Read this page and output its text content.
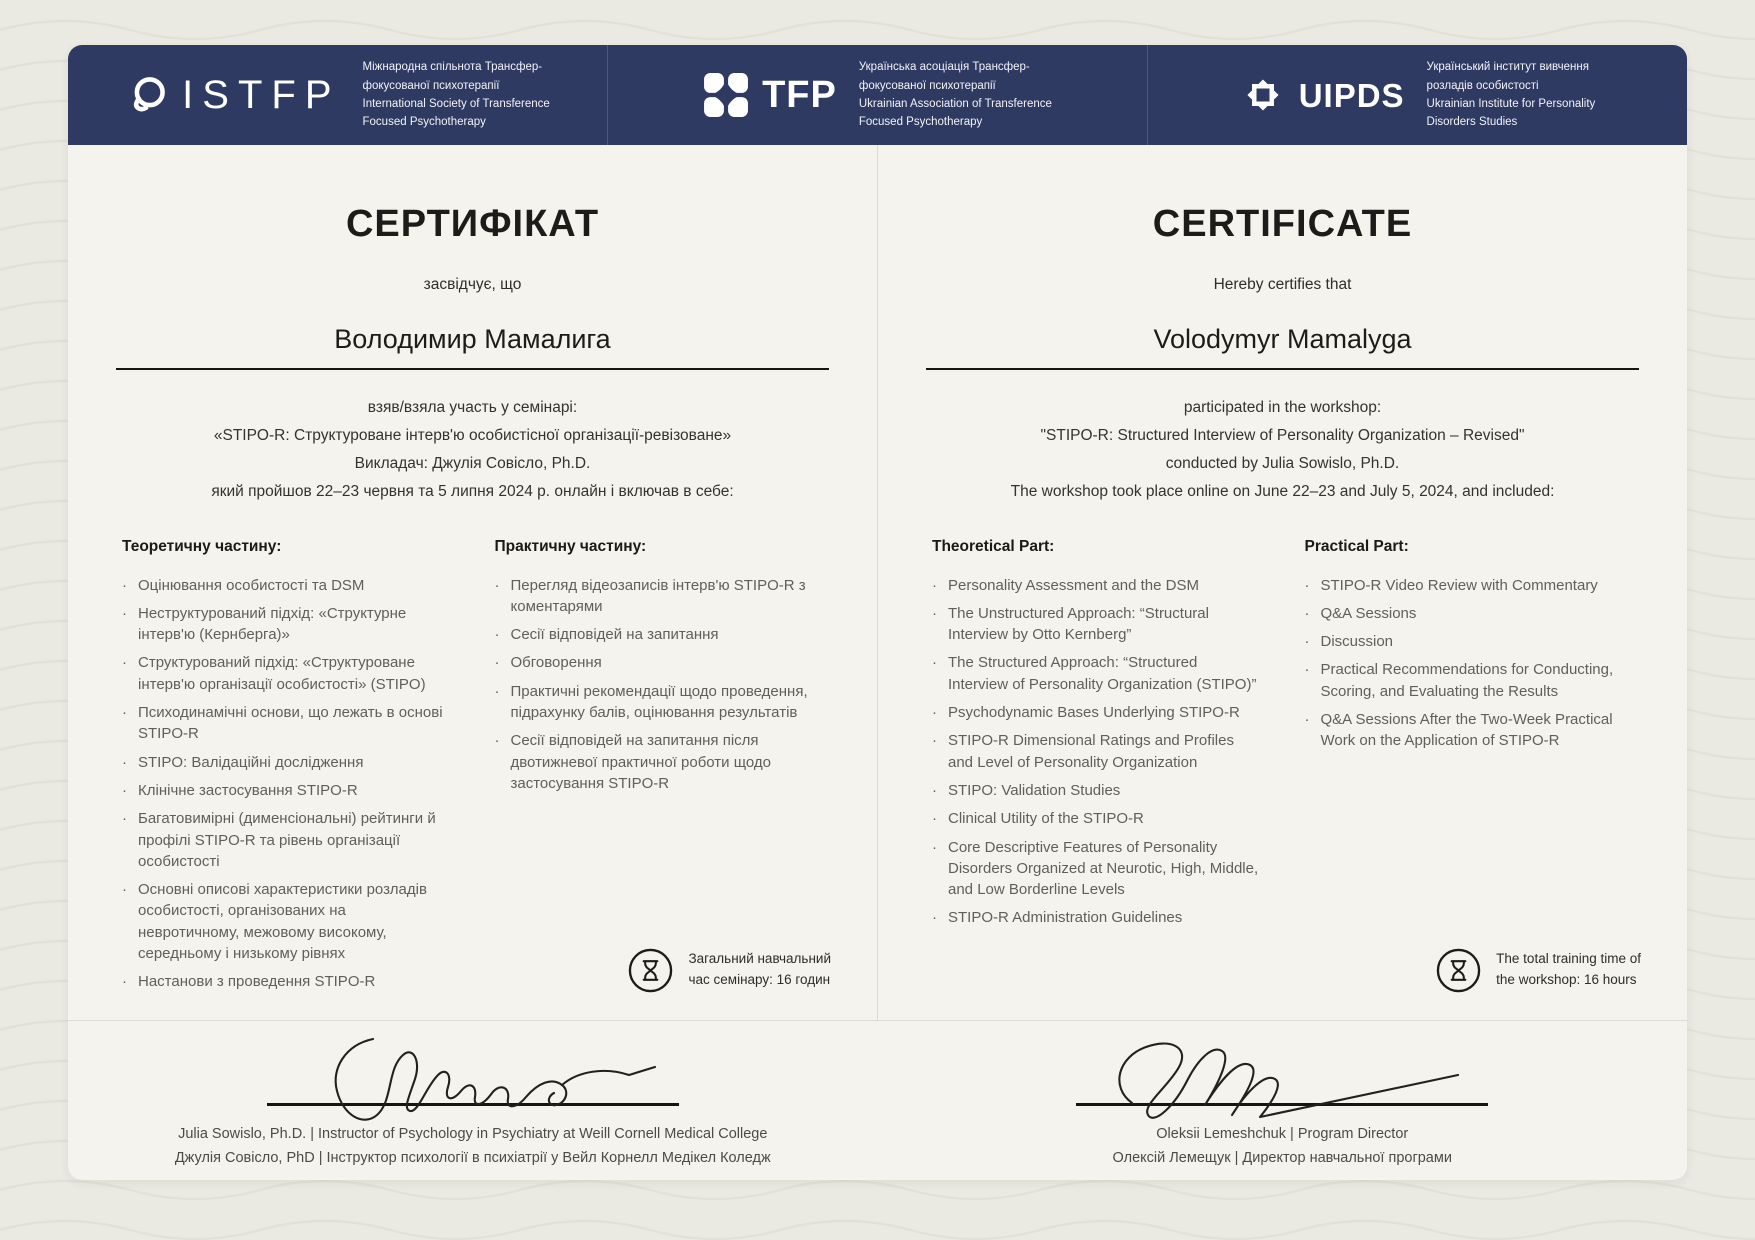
ISTFP
Міжнародна спільнота Трансфер-
фокусованої психотерапії
International Society of Transference
Focused Psychotherapy
TFP
Українська асоціація Трансфер-
фокусованої психотерапії
Ukrainian Association of Transference
Focused Psychotherapy
UIPDS
Український інститут вивчення
розладів особистості
Ukrainian Institute for Personality
Disorders Studies
СЕРТИФІКАТ
засвідчує, що
Володимир Мамалига
взяв/взяла участь у семінарі:
«STIPO-R: Структуроване інтерв'ю особистісної організації-ревізоване»
Викладач: Джулія Совісло, Ph.D.
який пройшов 22–23 червня та 5 липня 2024 р. онлайн і включав в себе:
Теоретичну частину:
· Оцінювання особистості та DSM
· Неструктурований підхід: «Структурне інтерв'ю (Кернберга)»
· Структурований підхід: «Структуроване інтерв'ю організації особистості» (STIPO)
· Психодинамічні основи, що лежать в основі STIPO-R
· STIPO: Валідаційні дослідження
· Клінічне застосування STIPO-R
· Багатовимірні (дименсіональні) рейтинги й профілі STIPO-R та рівень організації особистості
· Основні описові характеристики розладів особистості, організованих на невротичному, межовому високому, середньому і низькому рівнях
· Настанови з проведення STIPO-R
Практичну частину:
· Перегляд відеозаписів інтерв'ю STIPO-R з коментарями
· Сесії відповідей на запитання
· Обговорення
· Практичні рекомендації щодо проведення, підрахунку балів, оцінювання результатів
· Сесії відповідей на запитання після двотижневої практичної роботи щодо застосування STIPO-R
Загальний навчальний
час семінару: 16 годин
CERTIFICATE
Hereby certifies that
Volodymyr Mamalyga
participated in the workshop:
"STIPO-R: Structured Interview of Personality Organization – Revised"
conducted by Julia Sowislo, Ph.D.
The workshop took place online on June 22–23 and July 5, 2024, and included:
Theoretical Part:
· Personality Assessment and the DSM
· The Unstructured Approach: “Structural Interview by Otto Kernberg”
· The Structured Approach: “Structured Interview of Personality Organization (STIPO)”
· Psychodynamic Bases Underlying STIPO-R
· STIPO-R Dimensional Ratings and Profiles and Level of Personality Organization
· STIPO: Validation Studies
· Clinical Utility of the STIPO-R
· Core Descriptive Features of Personality Disorders Organized at Neurotic, High, Middle, and Low Borderline Levels
· STIPO-R Administration Guidelines
Practical Part:
· STIPO-R Video Review with Commentary
· Q&A Sessions
· Discussion
· Practical Recommendations for Conducting, Scoring, and Evaluating the Results
· Q&A Sessions After the Two-Week Practical Work on the Application of STIPO-R
The total training time of
the workshop: 16 hours
Julia Sowislo, Ph.D. | Instructor of Psychology in Psychiatry at Weill Cornell Medical College
Джулія Совісло, PhD | Інструктор психології в психіатрії у Вейл Корнелл Медікел Коледж
Oleksii Lemeshchuk | Program Director
Олексій Лемещук | Директор навчальної програми
